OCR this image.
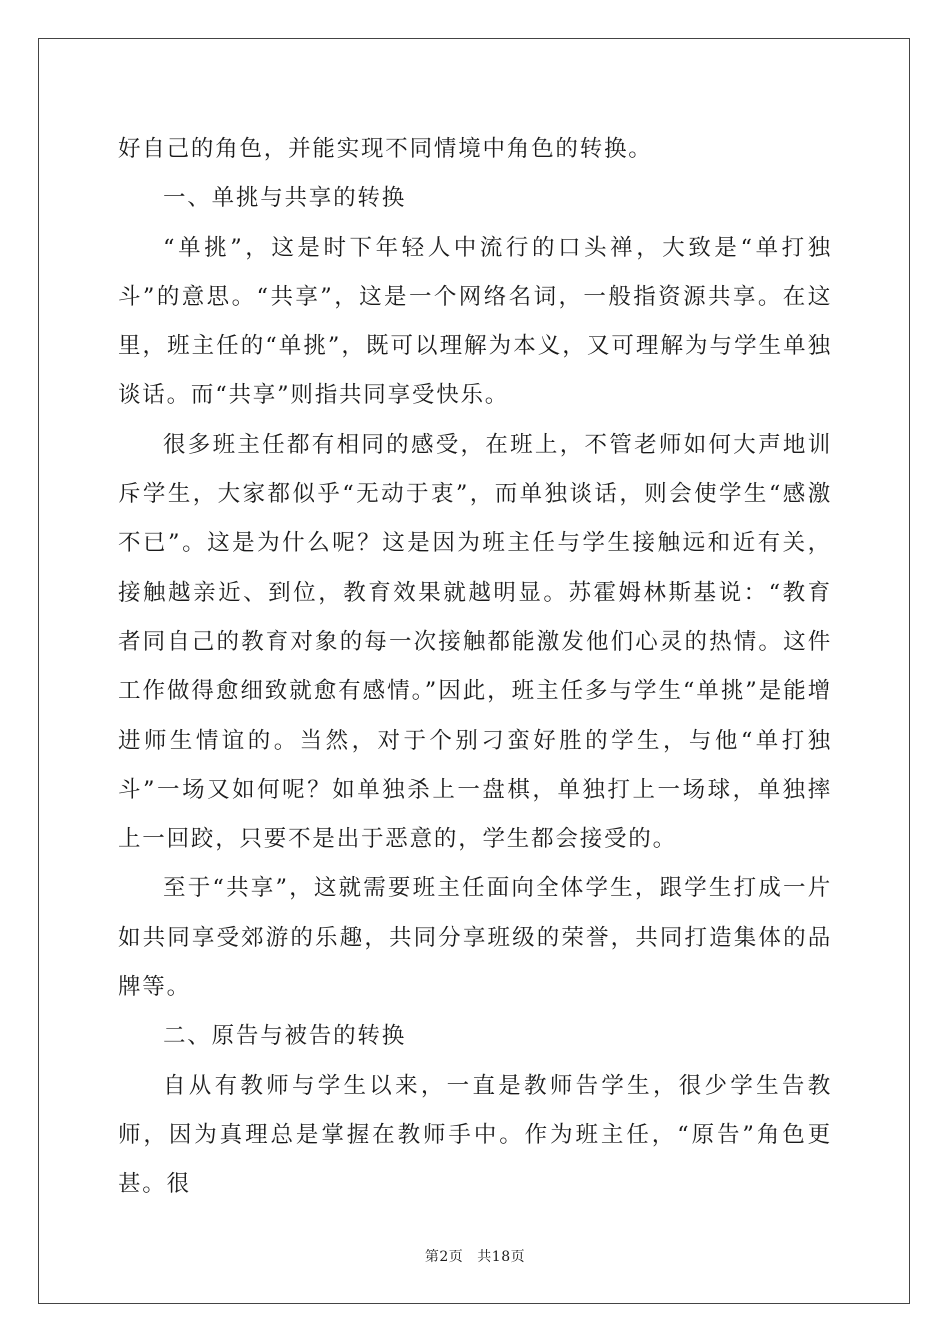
好自己的角色，并能实现不同情境中角色的转换。

一、单挑与共享的转换

“单挑”，这是时下年轻人中流行的口头禅，大致是“单打独斗”的意思。“共享”，这是一个网络名词，一般指资源共享。在这里，班主任的“单挑”，既可以理解为本义，又可理解为与学生单独谈话。而“共享”则指共同享受快乐。

很多班主任都有相同的感受，在班上，不管老师如何大声地训斥学生，大家都似乎“无动于衷”，而单独谈话，则会使学生“感激不已”。这是为什么呢？这是因为班主任与学生接触远和近有关，接触越亲近、到位，教育效果就越明显。苏霍姆林斯基说：“教育者同自己的教育对象的每一次接触都能激发他们心灵的热情。这件工作做得愈细致就愈有感情。”因此，班主任多与学生“单挑”是能增进师生情谊的。当然，对于个别刁蛮好胜的学生，与他“单打独斗”一场又如何呢？如单独杀上一盘棋，单独打上一场球，单独摔上一回跤，只要不是出于恶意的，学生都会接受的。

至于“共享”，这就需要班主任面向全体学生，跟学生打成一片如共同享受郊游的乐趣，共同分享班级的荣誉，共同打造集体的品牌等。

二、原告与被告的转换

自从有教师与学生以来，一直是教师告学生，很少学生告教师，因为真理总是掌握在教师手中。作为班主任，“原告”角色更甚。很

第2页 共18页
